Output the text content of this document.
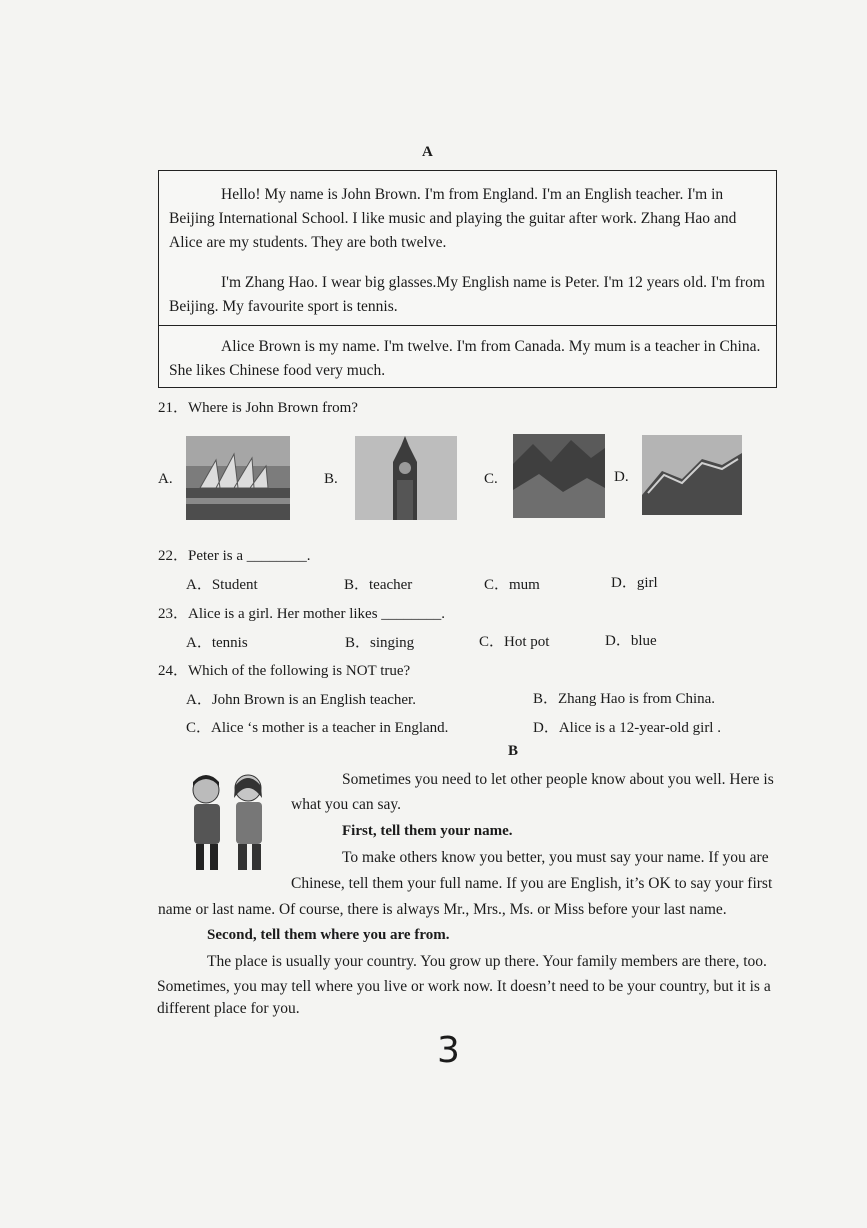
A
Hello! My name is John Brown. I'm from England. I'm an English teacher. I'm in Beijing International School. I like music and playing the guitar after work. Zhang Hao and Alice are my students. They are both twelve.
I'm Zhang Hao. I wear big glasses.My English name is Peter. I'm 12 years old. I'm from Beijing. My favourite sport is tennis.
Alice Brown is my name. I'm twelve. I'm from Canada. My mum is a teacher in China. She likes Chinese food very much.
21．Where is John Brown from?
A.	B.	C.	D.
22．Peter is a ________.
A．Student	B．teacher	C．mum	D．girl
23．Alice is a girl. Her mother likes ________.
A．tennis	B．singing	C．Hot pot	D．blue
24．Which of the following is NOT true?
A．John Brown is an English teacher.	B．Zhang Hao is from China.
C．Alice ‘s mother is a teacher in England.	D．Alice is a 12-year-old girl .
B
Sometimes you need to let other people know about you well. Here is
what you can say.
First, tell them your name.
To make others know you better, you must say your name. If you are
Chinese, tell them your full name. If you are English, it’s OK to say your first
name or last name. Of course, there is always Mr., Mrs., Ms. or Miss before your last name.
Second, tell them where you are from.
The place is usually your country. You grow up there. Your family members are there, too.
Sometimes, you may tell where you live or work now. It doesn’t need to be your country, but it is a
different place for you.
3
